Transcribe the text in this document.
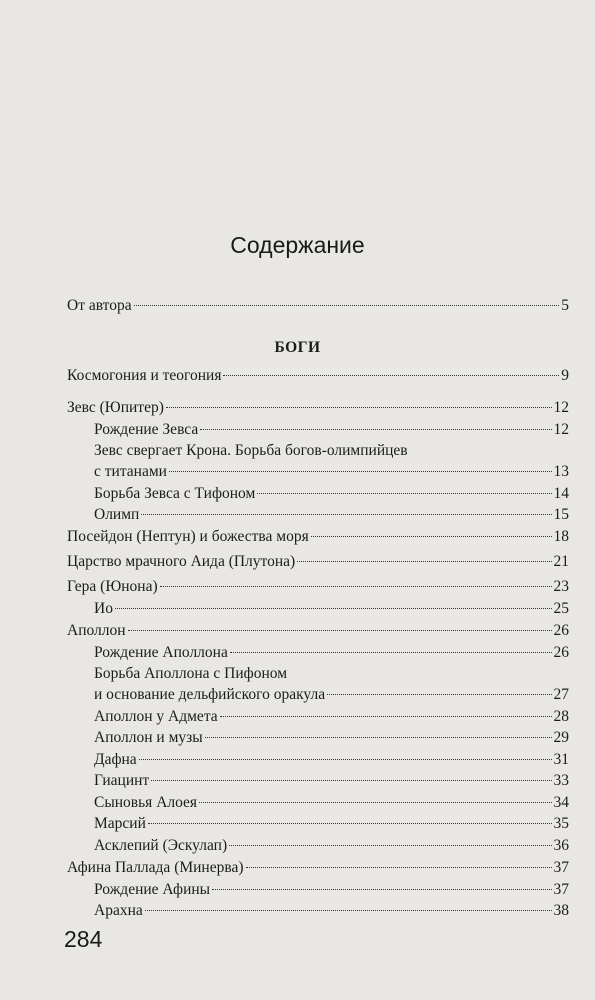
Содержание
От автора	5
БОГИ
Космогония и теогония	9
Зевс (Юпитер)	12
Рождение Зевса	12
Зевс свергает Крона. Борьба богов-олимпийцев
с титанами	13
Борьба Зевса с Тифоном	14
Олимп	15
Посейдон (Нептун) и божества моря	18
Царство мрачного Аида (Плутона)	21
Гера (Юнона)	23
Ио	25
Аполлон	26
Рождение Аполлона	26
Борьба Аполлона с Пифоном
и основание дельфийского оракула	27
Аполлон у Адмета	28
Аполлон и музы	29
Дафна	31
Гиацинт	33
Сыновья Алоея	34
Марсий	35
Асклепий (Эскулап)	36
Афина Паллада (Минерва)	37
Рождение Афины	37
Арахна	38
284
